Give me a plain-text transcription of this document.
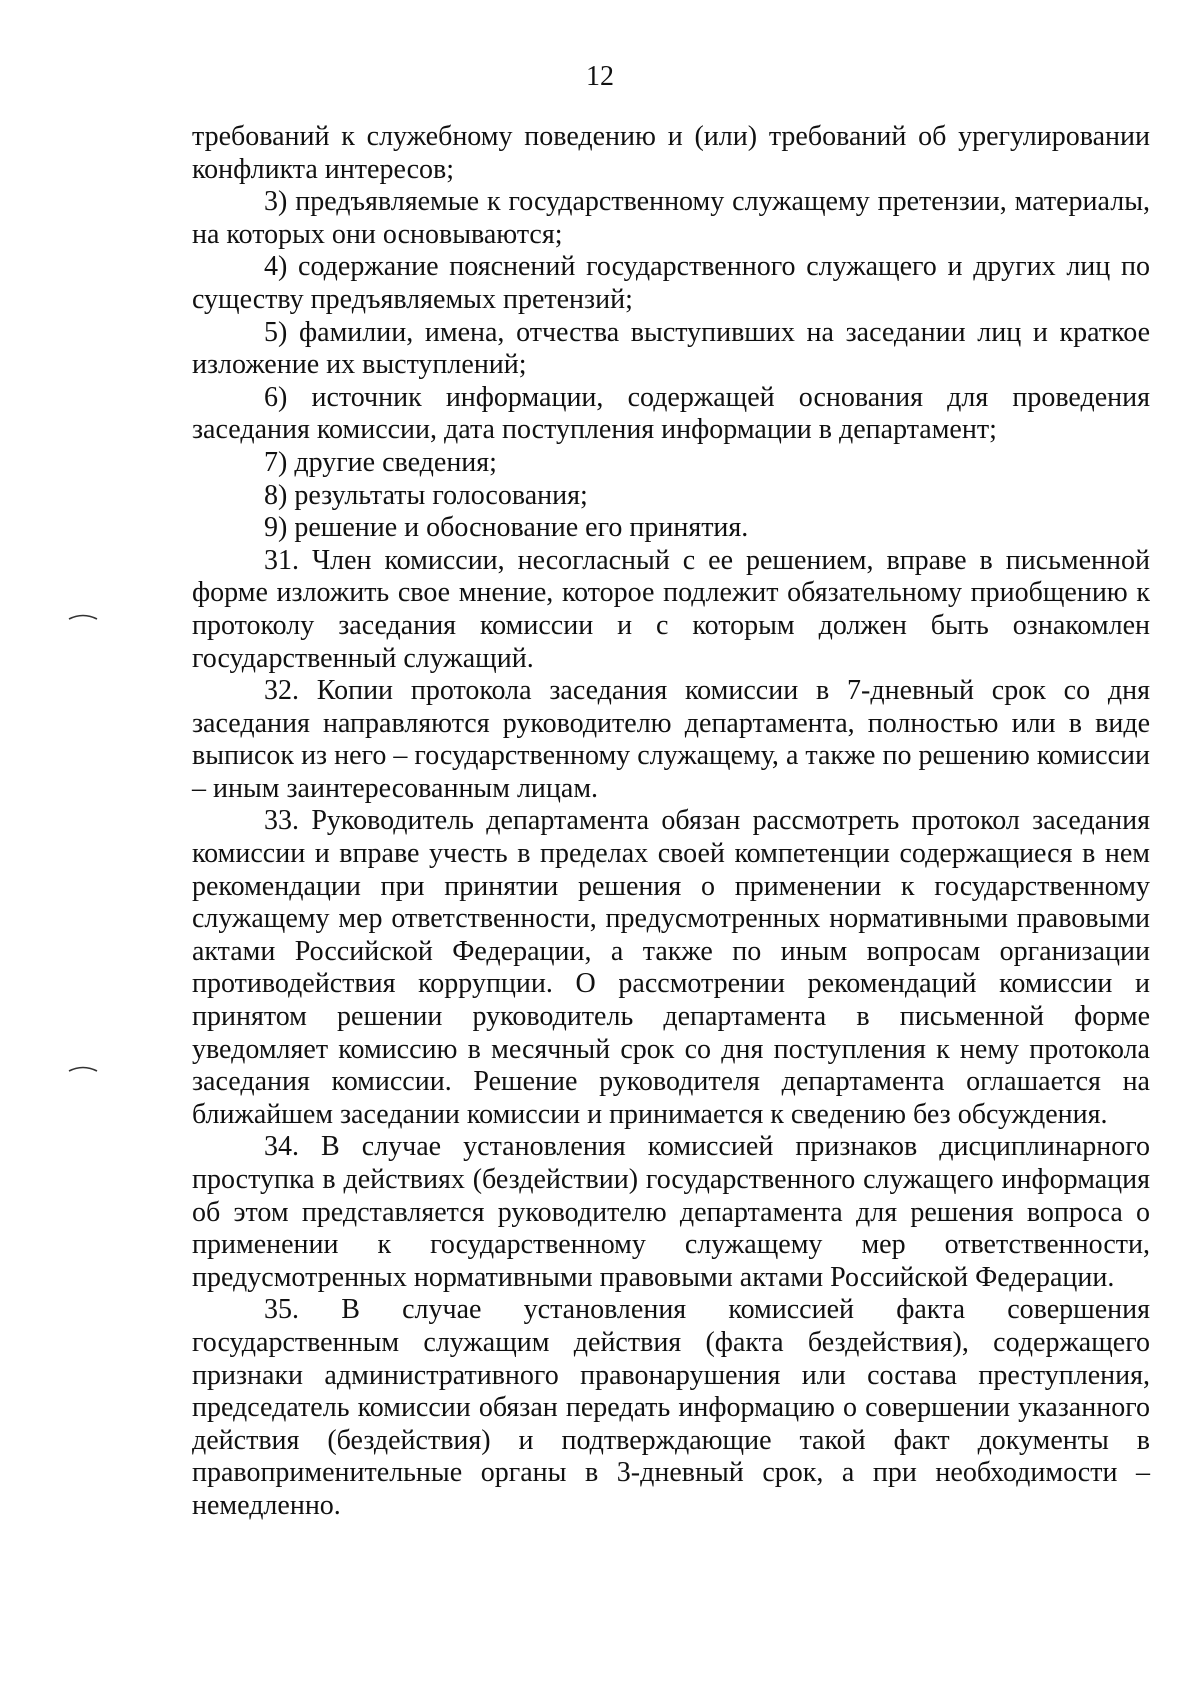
12

требований к служебному поведению и (или) требований об урегулировании конфликта интересов;

3) предъявляемые к государственному служащему претензии, материалы, на которых они основываются;

4) содержание пояснений государственного служащего и других лиц по существу предъявляемых претензий;

5) фамилии, имена, отчества выступивших на заседании лиц и краткое изложение их выступлений;

6) источник информации, содержащей основания для проведения заседания комиссии, дата поступления информации в департамент;

7) другие сведения;

8) результаты голосования;

9) решение и обоснование его принятия.

31. Член комиссии, несогласный с ее решением, вправе в письменной форме изложить свое мнение, которое подлежит обязательному приобщению к протоколу заседания комиссии и с которым должен быть ознакомлен государственный служащий.

32. Копии протокола заседания комиссии в 7-дневный срок со дня заседания направляются руководителю департамента, полностью или в виде выписок из него – государственному служащему, а также по решению комиссии – иным заинтересованным лицам.

33. Руководитель департамента обязан рассмотреть протокол заседания комиссии и вправе учесть в пределах своей компетенции содержащиеся в нем рекомендации при принятии решения о применении к государственному служащему мер ответственности, предусмотренных нормативными правовыми актами Российской Федерации, а также по иным вопросам организации противодействия коррупции. О рассмотрении рекомендаций комиссии и принятом решении руководитель департамента в письменной форме уведомляет комиссию в месячный срок со дня поступления к нему протокола заседания комиссии. Решение руководителя департамента оглашается на ближайшем заседании комиссии и принимается к сведению без обсуждения.

34. В случае установления комиссией признаков дисциплинарного проступка в действиях (бездействии) государственного служащего информация об этом представляется руководителю департамента для решения вопроса о применении к государственному служащему мер ответственности, предусмотренных нормативными правовыми актами Российской Федерации.

35. В случае установления комиссией факта совершения государственным служащим действия (факта бездействия), содержащего признаки административного правонарушения или состава преступления, председатель комиссии обязан передать информацию о совершении указанного действия (бездействия) и подтверждающие такой факт документы в правоприменительные органы в 3-дневный срок, а при необходимости – немедленно.
